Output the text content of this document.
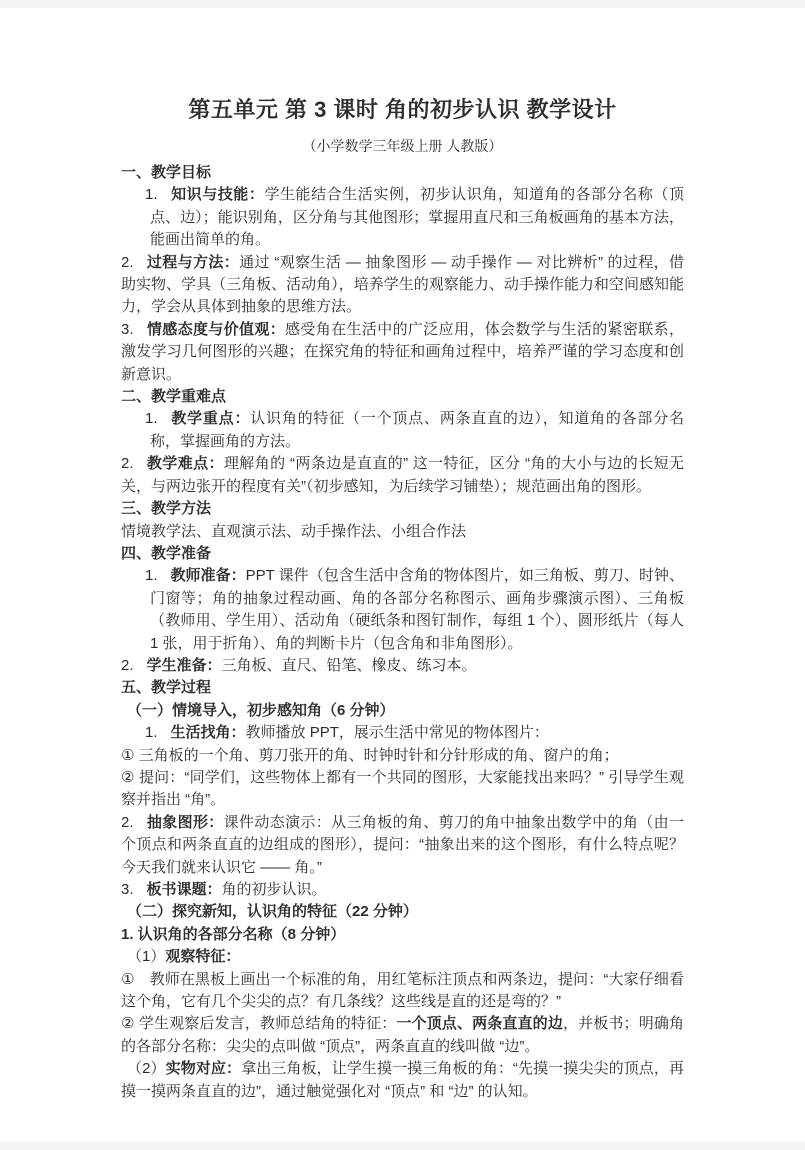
第五单元 第 3 课时 角的初步认识 教学设计
（小学数学三年级上册 人教版）
一、教学目标
1. 知识与技能：学生能结合生活实例，初步认识角，知道角的各部分名称（顶点、边）；能识别角，区分角与其他图形；掌握用直尺和三角板画角的基本方法，能画出简单的角。
2. 过程与方法：通过 “观察生活 — 抽象图形 — 动手操作 — 对比辨析” 的过程，借助实物、学具（三角板、活动角），培养学生的观察能力、动手操作能力和空间感知能力，学会从具体到抽象的思维方法。
3. 情感态度与价值观：感受角在生活中的广泛应用，体会数学与生活的紧密联系，激发学习几何图形的兴趣；在探究角的特征和画角过程中，培养严谨的学习态度和创新意识。
二、教学重难点
1. 教学重点：认识角的特征（一个顶点、两条直直的边），知道角的各部分名称，掌握画角的方法。
2. 教学难点：理解角的 “两条边是直直的” 这一特征，区分 “角的大小与边的长短无关，与两边张开的程度有关”（初步感知，为后续学习铺垫）；规范画出角的图形。
三、教学方法
情境教学法、直观演示法、动手操作法、小组合作法
四、教学准备
1. 教师准备：PPT 课件（包含生活中含角的物体图片，如三角板、剪刀、时钟、门窗等；角的抽象过程动画、角的各部分名称图示、画角步骤演示图）、三角板（教师用、学生用）、活动角（硬纸条和图钉制作，每组 1 个）、圆形纸片（每人 1 张，用于折角）、角的判断卡片（包含角和非角图形）。
2. 学生准备：三角板、直尺、铅笔、橡皮、练习本。
五、教学过程
（一）情境导入，初步感知角（6 分钟）
1. 生活找角：教师播放 PPT，展示生活中常见的物体图片：
① 三角板的一个角、剪刀张开的角、时钟时针和分针形成的角、窗户的角；
② 提问：“同学们，这些物体上都有一个共同的图形，大家能找出来吗？” 引导学生观察并指出 “角”。
2. 抽象图形：课件动态演示：从三角板的角、剪刀的角中抽象出数学中的角（由一个顶点和两条直直的边组成的图形），提问：“抽象出来的这个图形，有什么特点呢？今天我们就来认识它 —— 角。”
3. 板书课题：角的初步认识。
（二）探究新知，认识角的特征（22 分钟）
1. 认识角的各部分名称（8 分钟）
（1）观察特征：
①　教师在黑板上画出一个标准的角，用红笔标注顶点和两条边，提问：“大家仔细看这个角，它有几个尖尖的点？有几条线？这些线是直的还是弯的？”
② 学生观察后发言，教师总结角的特征：一个顶点、两条直直的边，并板书；明确角的各部分名称：尖尖的点叫做 “顶点”，两条直直的线叫做 “边”。
（2）实物对应：拿出三角板，让学生摸一摸三角板的角：“先摸一摸尖尖的顶点，再摸一摸两条直直的边”，通过触觉强化对 “顶点” 和 “边” 的认知。
